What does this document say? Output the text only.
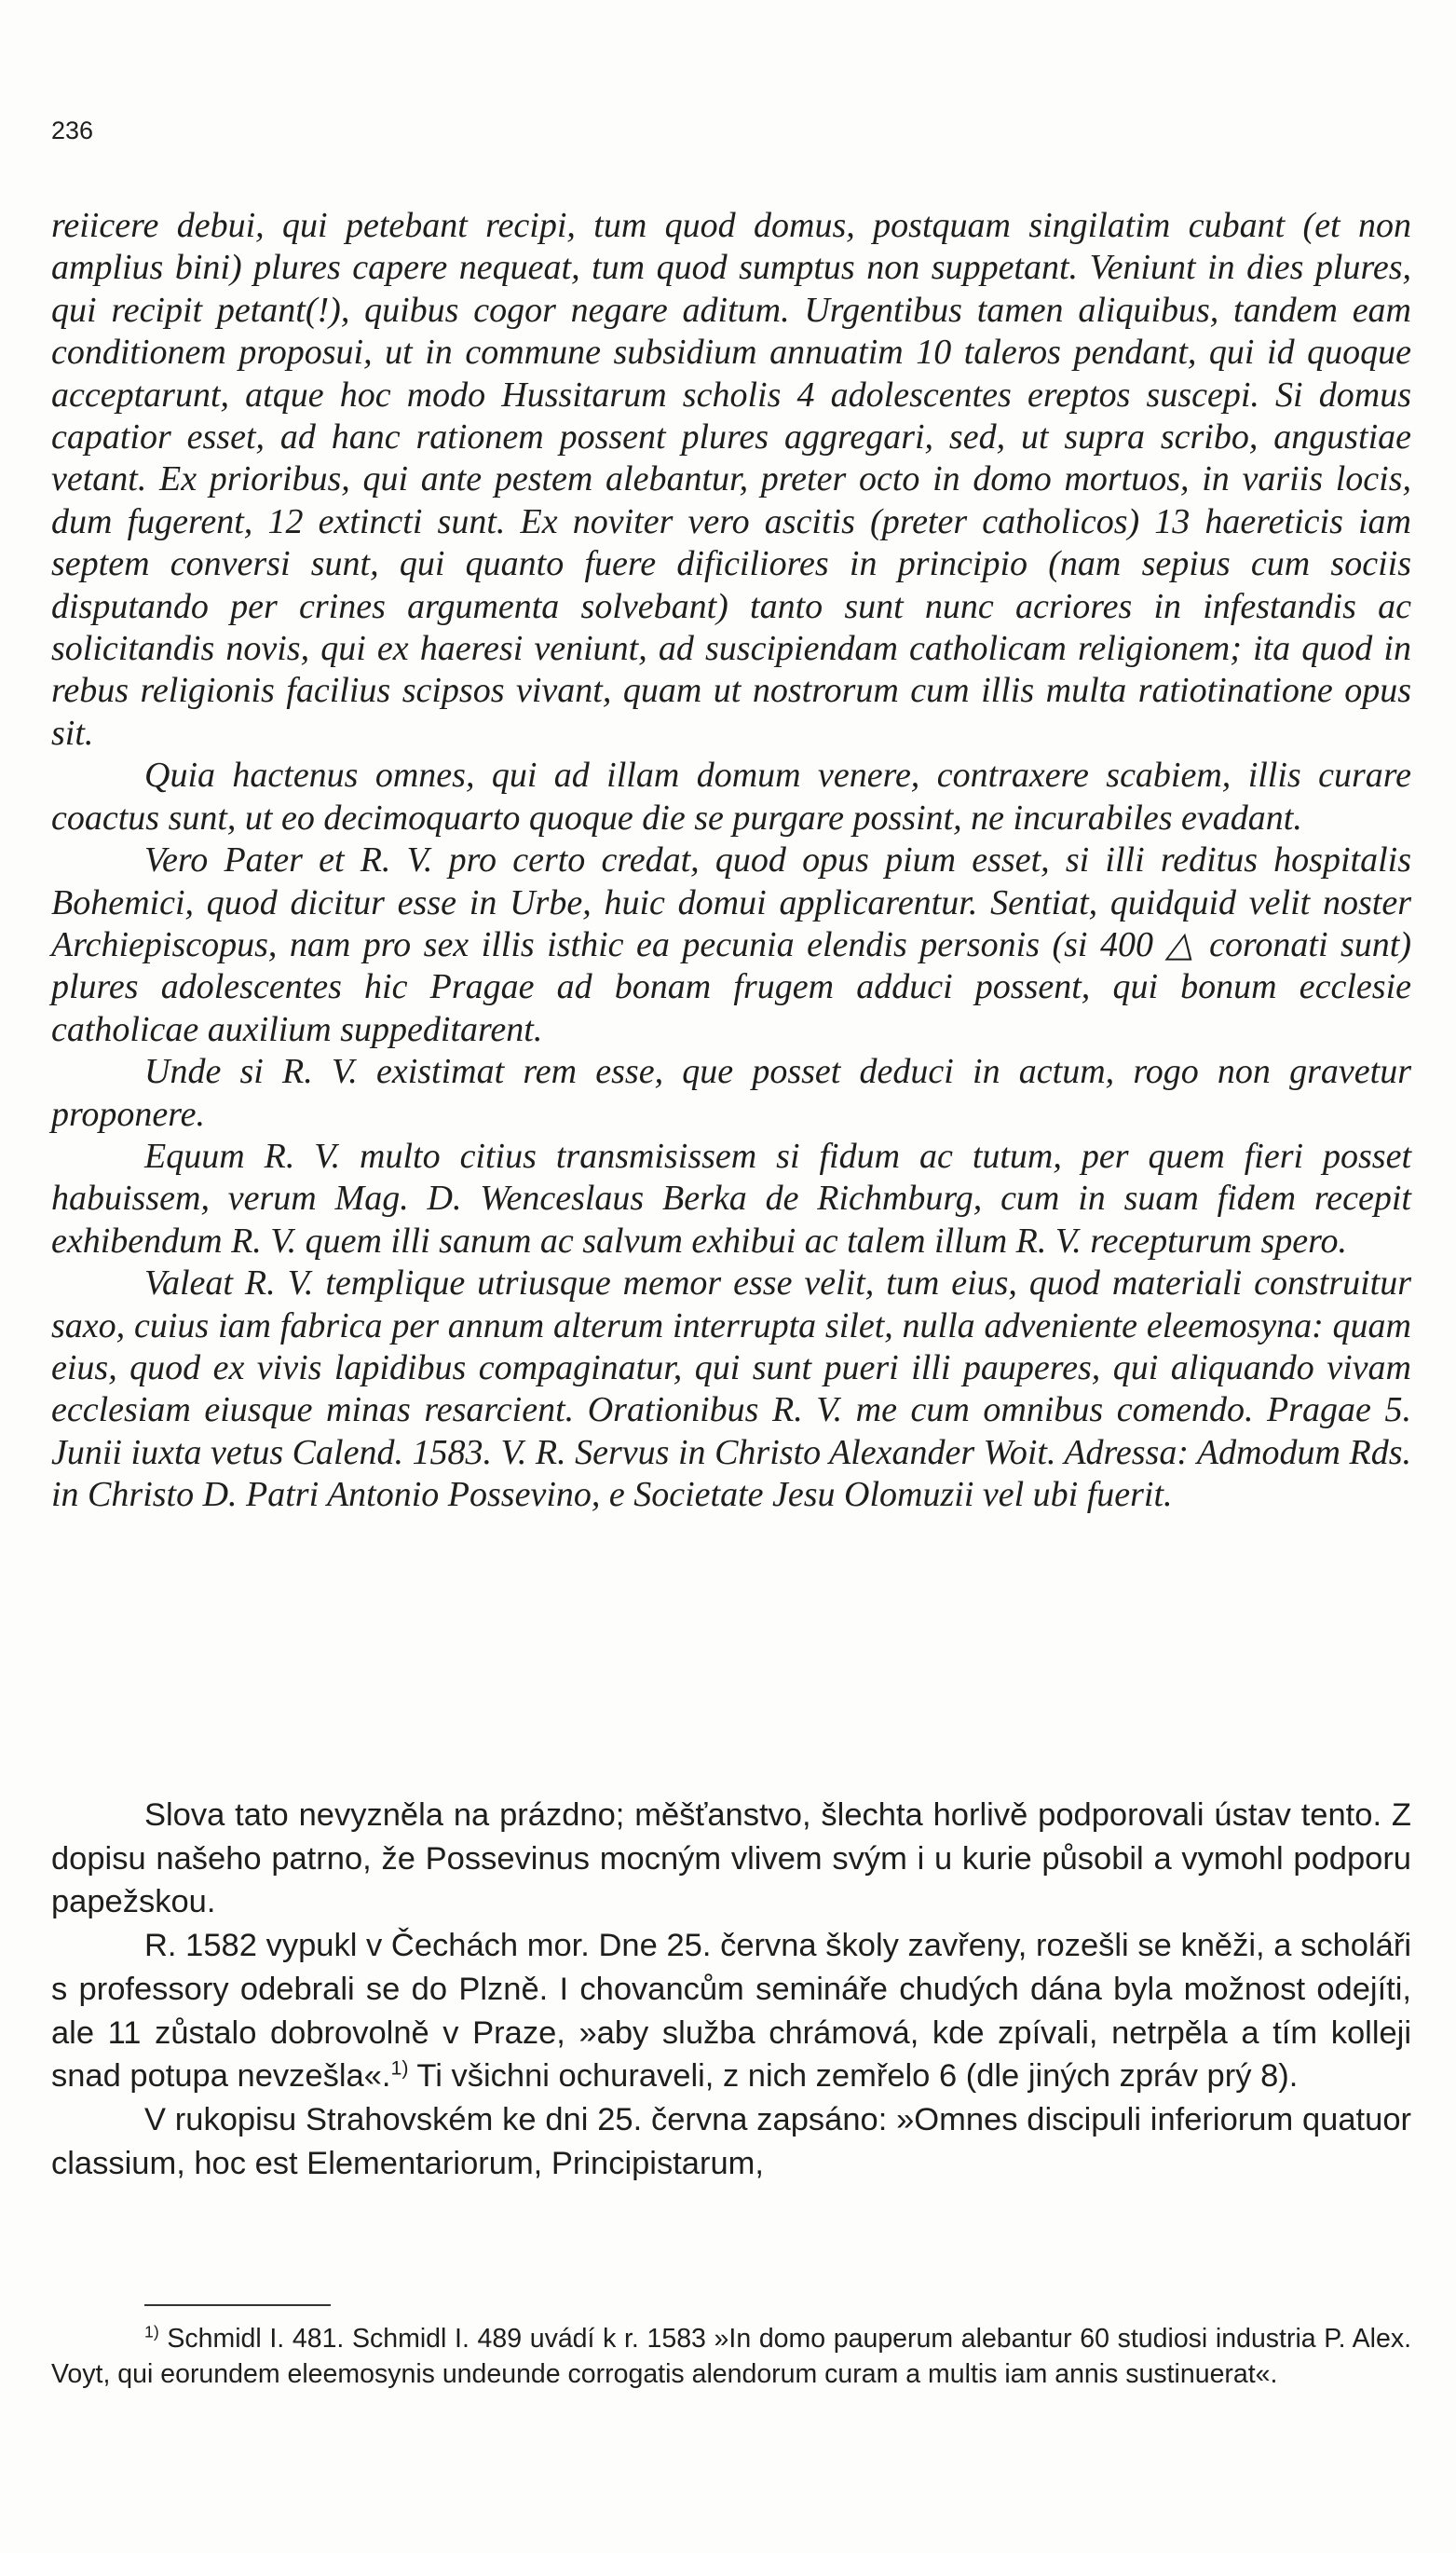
236

reiicere debui, qui petebant recipi, tum quod domus, postquam singilatim cubant (et non amplius bini) plures capere nequeat, tum quod sumptus non suppetant. Veniunt in dies plures, qui recipit petant(!), quibus cogor negare aditum. Urgentibus tamen aliquibus, tandem eam conditionem proposui, ut in commune subsidium annuatim 10 taleros pendant, qui id quoque acceptarunt, atque hoc modo Hussitarum scholis 4 adolescentes ereptos suscepi. Si domus capatior esset, ad hanc rationem possent plures aggregari, sed, ut supra scribo, angustiae vetant. Ex prioribus, qui ante pestem alebantur, preter octo in domo mortuos, in variis locis, dum fugerent, 12 extincti sunt. Ex noviter vero ascitis (preter catholicos) 13 haereticis iam septem conversi sunt, qui quanto fuere dificiliores in principio (nam sepius cum sociis disputando per crines argumenta solvebant) tanto sunt nunc acriores in infestandis ac solicitandis novis, qui ex haeresi veniunt, ad suscipiendam catholicam religionem; ita quod in rebus religionis facilius scipsos vivant, quam ut nostrorum cum illis multa ratiotinatione opus sit.

Quia hactenus omnes, qui ad illam domum venere, contraxere scabiem, illis curare coactus sunt, ut eo decimoquarto quoque die se purgare possint, ne incurabiles evadant.

Vero Pater et R. V. pro certo credat, quod opus pium esset, si illi reditus hospitalis Bohemici, quod dicitur esse in Urbe, huic domui applicarentur. Sentiat, quidquid velit noster Archiepiscopus, nam pro sex illis isthic ea pecunia elendis personis (si 400 △ coronati sunt) plures adolescentes hic Pragae ad bonam frugem adduci possent, qui bonum ecclesie catholicae auxilium suppeditarent.

Unde si R. V. existimat rem esse, que posset deduci in actum, rogo non gravetur proponere.

Equum R. V. multo citius transmisissem si fidum ac tutum, per quem fieri posset habuissem, verum Mag. D. Wenceslaus Berka de Richmburg, cum in suam fidem recepit exhibendum R. V. quem illi sanum ac salvum exhibui ac talem illum R. V. recepturum spero.

Valeat R. V. templique utriusque memor esse velit, tum eius, quod materiali construitur saxo, cuius iam fabrica per annum alterum interrupta silet, nulla adveniente eleemosyna: quam eius, quod ex vivis lapidibus compaginatur, qui sunt pueri illi pauperes, qui aliquando vivam ecclesiam eiusque minas resarcient. Orationibus R. V. me cum omnibus comendo. Pragae 5. Junii iuxta vetus Calend. 1583. V. R. Servus in Christo Alexander Woit. Adressa: Admodum Rds. in Christo D. Patri Antonio Possevino, e Societate Jesu Olomuzii vel ubi fuerit.

Slova tato nevyzněla na prázdno; měšťanstvo, šlechta horlivě podporovali ústav tento. Z dopisu našeho patrno, že Possevinus mocným vlivem svým i u kurie působil a vymohl podporu papežskou.

R. 1582 vypukl v Čechách mor. Dne 25. června školy zavřeny, rozešli se kněži, a scholáři s professory odebrali se do Plzně. I chovancům semináře chudých dána byla možnost odejíti, ale 11 zůstalo dobrovolně v Praze, »aby služba chrámová, kde zpívali, netrpěla a tím kolleji snad potupa nevzešla«.$^{1)}$ Ti všichni ochuraveli, z nich zemřelo 6 (dle jiných zpráv prý 8).

V rukopisu Strahovském ke dni 25. června zapsáno: »Omnes discipuli inferiorum quatuor classium, hoc est Elementariorum, Principistarum,

$^{1)}$ Schmidl I. 481. Schmidl I. 489 uvádí k r. 1583 »In domo pauperum alebantur 60 studiosi industria P. Alex. Voyt, qui eorundem eleemosynis undeunde corrogatis alendorum curam a multis iam annis sustinuerat«.
